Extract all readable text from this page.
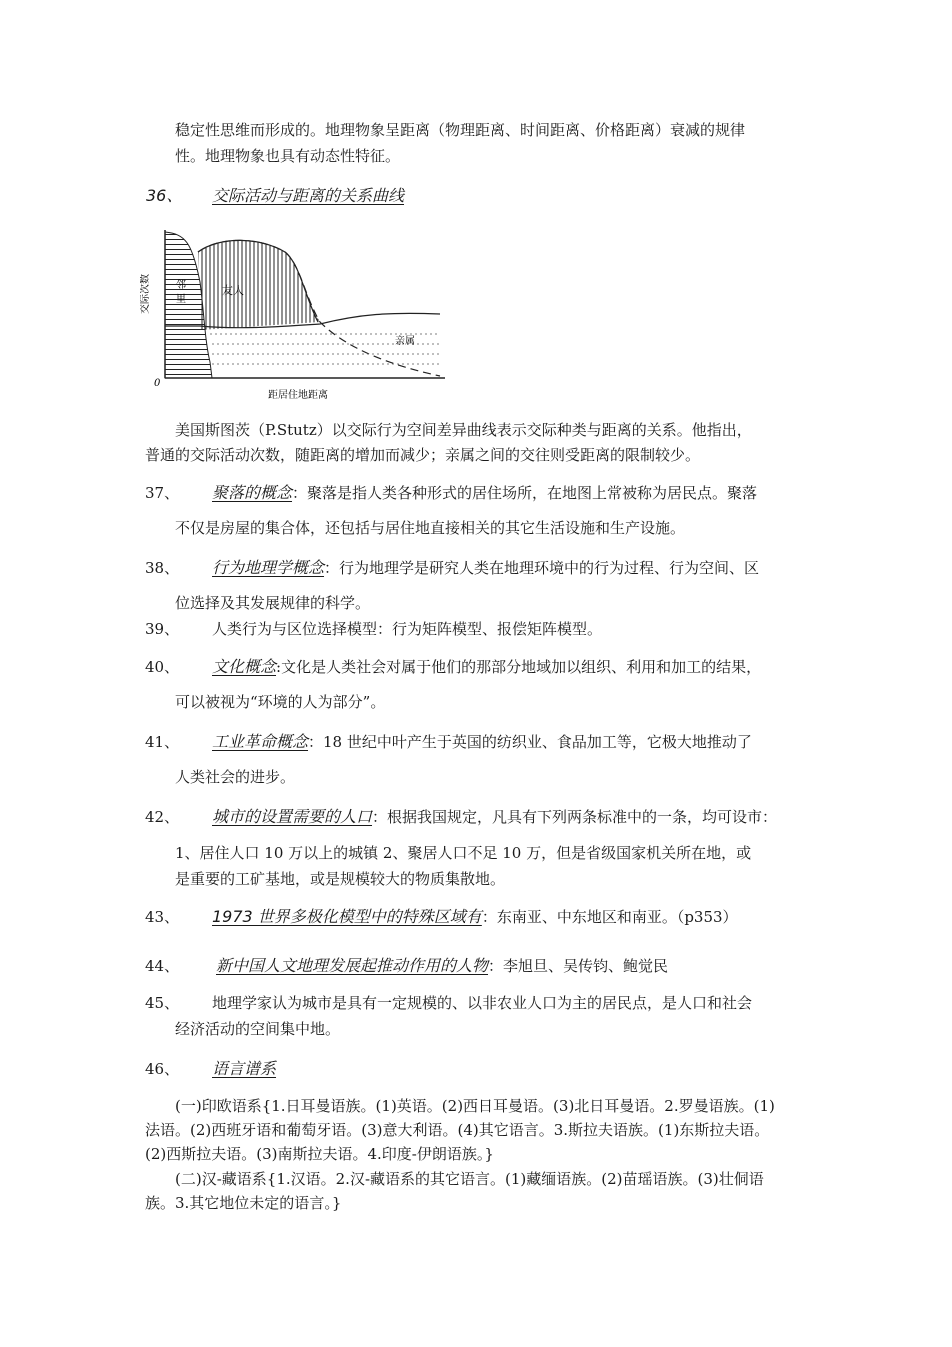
稳定性思维而形成的。地理物象呈距离（物理距离、时间距离、价格距离）衰减的规律
性。地理物象也具有动态性特征。
36、 交际活动与距离的关系曲线
交际次数	邻
里
友人
亲属
0
距居住地距离
美国斯图茨（P.Stutz）以交际行为空间差异曲线表示交际种类与距离的关系。他指出，
普通的交际活动次数，随距离的增加而减少；亲属之间的交往则受距离的限制较少。
37、 聚落的概念：聚落是指人类各种形式的居住场所，在地图上常被称为居民点。聚落
不仅是房屋的集合体，还包括与居住地直接相关的其它生活设施和生产设施。
38、 行为地理学概念：行为地理学是研究人类在地理环境中的行为过程、行为空间、区
位选择及其发展规律的科学。
39、 人类行为与区位选择模型：行为矩阵模型、报偿矩阵模型。
40、 文化概念:文化是人类社会对属于他们的那部分地域加以组织、利用和加工的结果，
可以被视为“环境的人为部分”。
41、 工业革命概念：18 世纪中叶产生于英国的纺织业、食品加工等，它极大地推动了
人类社会的进步。
42、 城市的设置需要的人口：根据我国规定，凡具有下列两条标准中的一条，均可设市：
1、居住人口 10 万以上的城镇 2、聚居人口不足 10 万，但是省级国家机关所在地，或
是重要的工矿基地，或是规模较大的物质集散地。
43、 1973 世界多极化模型中的特殊区域有：东南亚、中东地区和南亚。（p353）
44、 新中国人文地理发展起推动作用的人物：李旭旦、吴传钧、鲍觉民
45、 地理学家认为城市是具有一定规模的、以非农业人口为主的居民点，是人口和社会
经济活动的空间集中地。
46、 语言谱系
(一)印欧语系{1.日耳曼语族。(1)英语。(2)西日耳曼语。(3)北日耳曼语。2.罗曼语族。(1)
法语。(2)西班牙语和葡萄牙语。(3)意大利语。(4)其它语言。3.斯拉夫语族。(1)东斯拉夫语。
(2)西斯拉夫语。(3)南斯拉夫语。4.印度-伊朗语族。}
(二)汉-藏语系{1.汉语。2.汉-藏语系的其它语言。(1)藏缅语族。(2)苗瑶语族。(3)壮侗语
族。3.其它地位未定的语言。}
